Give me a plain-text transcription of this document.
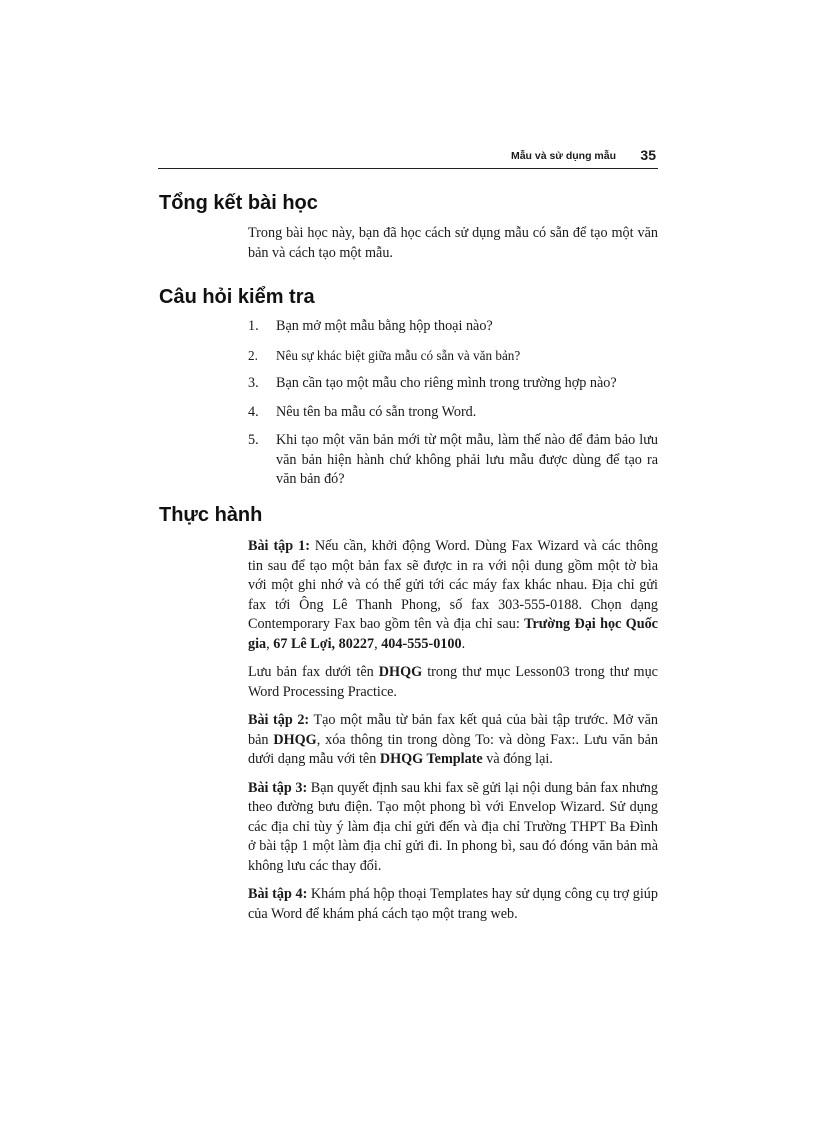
Mẫu và sử dụng mẫu 35
Tổng kết bài học

Trong bài học này, bạn đã học cách sử dụng mẫu có sẵn để tạo một văn bản và cách tạo một mẫu.

Câu hỏi kiểm tra
1. Bạn mở một mẫu bằng hộp thoại nào?
2. Nêu sự khác biệt giữa mẫu có sẵn và văn bản?
3. Bạn cần tạo một mẫu cho riêng mình trong trường hợp nào?
4. Nêu tên ba mẫu có sẵn trong Word.
5. Khi tạo một văn bản mới từ một mẫu, làm thế nào để đảm bảo lưu văn bản hiện hành chứ không phải lưu mẫu được dùng để tạo ra văn bản đó?
Thực hành

Bài tập 1: Nếu cần, khởi động Word. Dùng Fax Wizard và các thông tin sau để tạo một bản fax sẽ được in ra với nội dung gồm một tờ bìa với một ghi nhớ và có thể gửi tới các máy fax khác nhau. Địa chỉ gửi fax tới Ông Lê Thanh Phong, số fax 303-555-0188. Chọn dạng Contemporary Fax bao gồm tên và địa chỉ sau: Trường Đại học Quốc gia, 67 Lê Lợi, 80227, 404-555-0100.

Lưu bản fax dưới tên DHQG trong thư mục Lesson03 trong thư mục Word Processing Practice.

Bài tập 2: Tạo một mẫu từ bản fax kết quả của bài tập trước. Mở văn bản DHQG, xóa thông tin trong dòng To: và dòng Fax:. Lưu văn bản dưới dạng mẫu với tên DHQG Template và đóng lại.

Bài tập 3: Bạn quyết định sau khi fax sẽ gửi lại nội dung bản fax nhưng theo đường bưu điện. Tạo một phong bì với Envelop Wizard. Sử dụng các địa chỉ tùy ý làm địa chỉ gửi đến và địa chỉ Trường THPT Ba Đình ở bài tập 1 một làm địa chỉ gửi đi. In phong bì, sau đó đóng văn bản mà không lưu các thay đổi.

Bài tập 4: Khám phá hộp thoại Templates hay sử dụng công cụ trợ giúp của Word để khám phá cách tạo một trang web.
